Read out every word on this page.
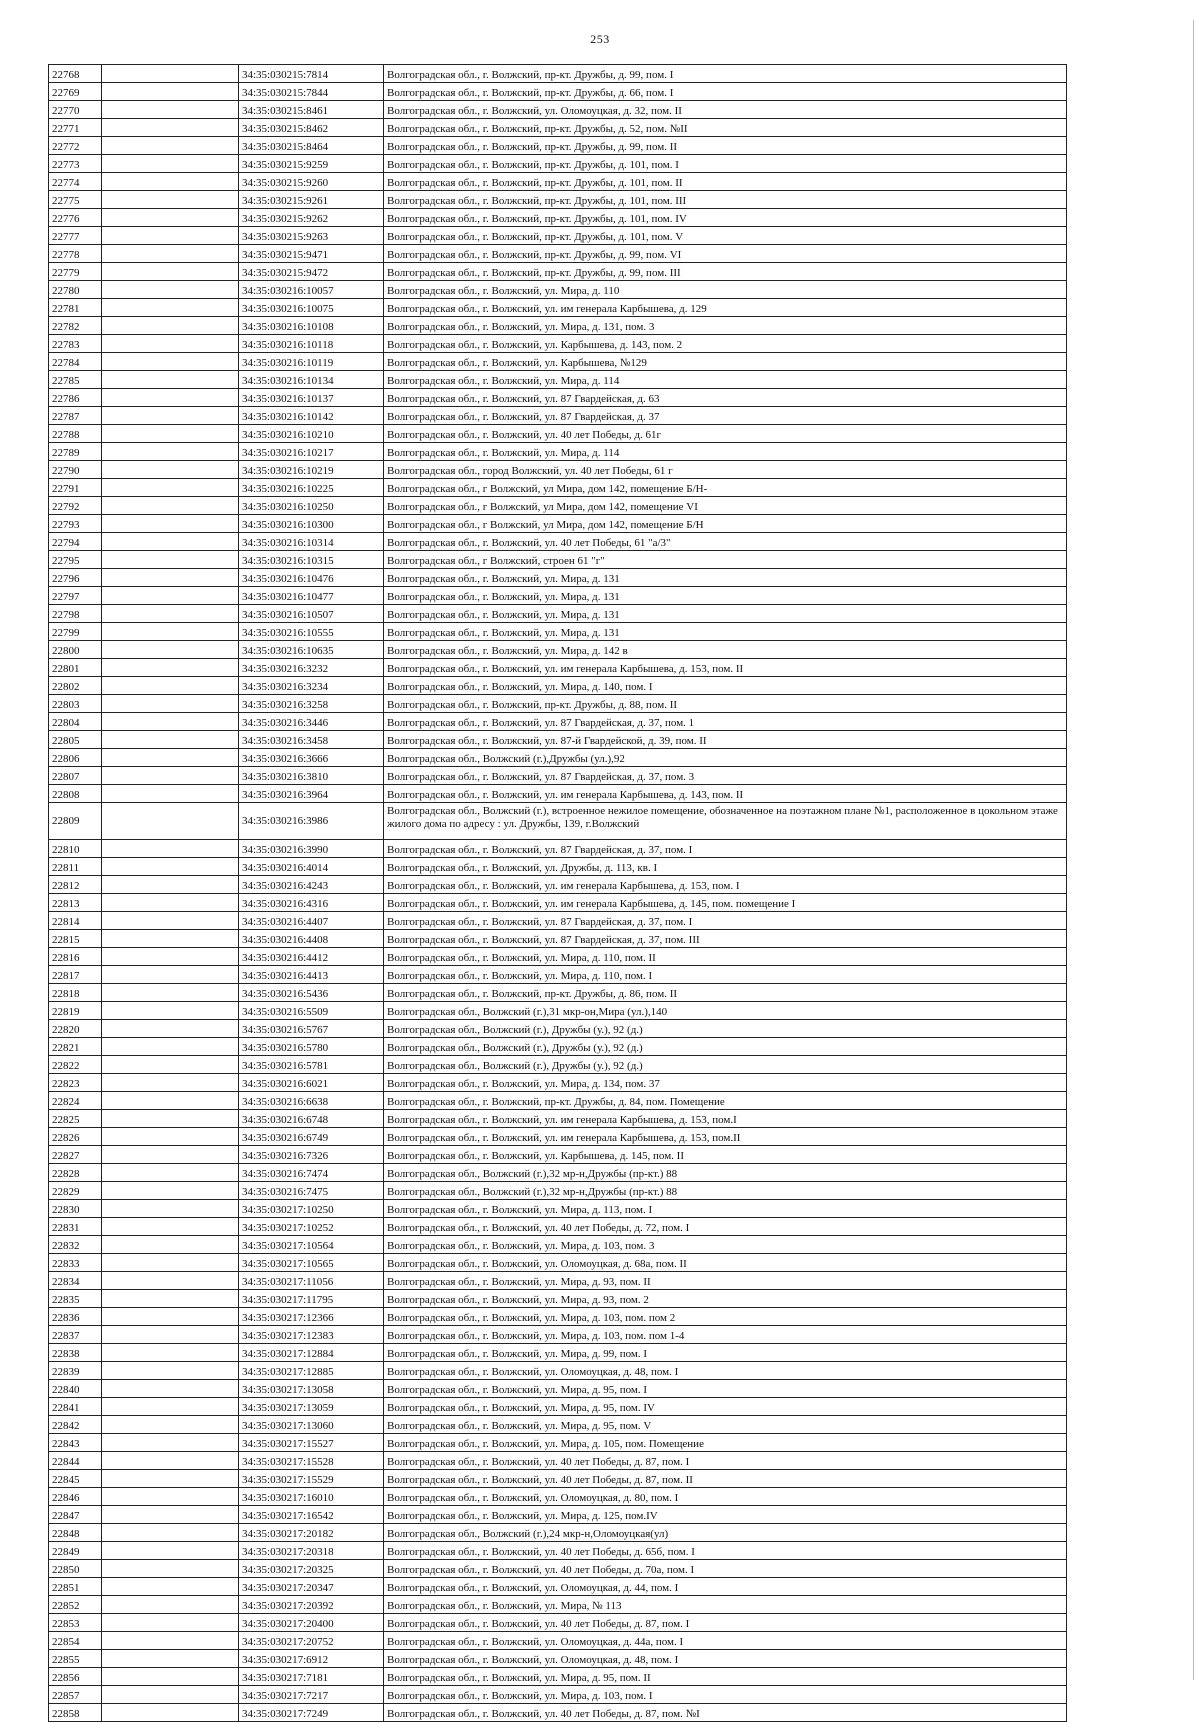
253
22768		34:35:030215:7814	Волгоградская обл., г. Волжский, пр-кт. Дружбы, д. 99, пом. I
22769		34:35:030215:7844	Волгоградская обл., г. Волжский, пр-кт. Дружбы, д. 66, пом. I
22770		34:35:030215:8461	Волгоградская обл., г. Волжский, ул. Оломоуцкая, д. 32, пом. II
22771		34:35:030215:8462	Волгоградская обл., г. Волжский, пр-кт. Дружбы, д. 52, пом. №II
22772		34:35:030215:8464	Волгоградская обл., г. Волжский, пр-кт. Дружбы, д. 99, пом. II
22773		34:35:030215:9259	Волгоградская обл., г. Волжский, пр-кт. Дружбы, д. 101, пом. I
22774		34:35:030215:9260	Волгоградская обл., г. Волжский, пр-кт. Дружбы, д. 101, пом. II
22775		34:35:030215:9261	Волгоградская обл., г. Волжский, пр-кт. Дружбы, д. 101, пом. III
22776		34:35:030215:9262	Волгоградская обл., г. Волжский, пр-кт. Дружбы, д. 101, пом. IV
22777		34:35:030215:9263	Волгоградская обл., г. Волжский, пр-кт. Дружбы, д. 101, пом. V
22778		34:35:030215:9471	Волгоградская обл., г. Волжский, пр-кт. Дружбы, д. 99, пом. VI
22779		34:35:030215:9472	Волгоградская обл., г. Волжский, пр-кт. Дружбы, д. 99, пом. III
22780		34:35:030216:10057	Волгоградская обл., г. Волжский, ул. Мира, д. 110
22781		34:35:030216:10075	Волгоградская обл., г. Волжский, ул. им генерала Карбышева, д. 129
22782		34:35:030216:10108	Волгоградская обл., г. Волжский, ул. Мира, д. 131, пом. 3
22783		34:35:030216:10118	Волгоградская обл., г. Волжский, ул. Карбышева, д. 143, пом. 2
22784		34:35:030216:10119	Волгоградская обл., г. Волжский, ул. Карбышева, №129
22785		34:35:030216:10134	Волгоградская обл., г. Волжский, ул. Мира, д. 114
22786		34:35:030216:10137	Волгоградская обл., г. Волжский, ул. 87 Гвардейская, д. 63
22787		34:35:030216:10142	Волгоградская обл., г. Волжский, ул. 87 Гвардейская, д. 37
22788		34:35:030216:10210	Волгоградская обл., г. Волжский, ул. 40 лет Победы, д. 61г
22789		34:35:030216:10217	Волгоградская обл., г. Волжский, ул. Мира, д. 114
22790		34:35:030216:10219	Волгоградская обл., город Волжский, ул. 40 лет Победы, 61 г
22791		34:35:030216:10225	Волгоградская обл., г Волжский, ул Мира, дом 142, помещение Б/Н-
22792		34:35:030216:10250	Волгоградская обл., г Волжский, ул Мира, дом 142, помещение VI
22793		34:35:030216:10300	Волгоградская обл., г Волжский, ул Мира, дом 142, помещение Б/Н
22794		34:35:030216:10314	Волгоградская обл., г. Волжский, ул. 40 лет Победы, 61 "а/3"
22795		34:35:030216:10315	Волгоградская обл., г Волжский, строен 61 "г"
22796		34:35:030216:10476	Волгоградская обл., г. Волжский, ул. Мира, д. 131
22797		34:35:030216:10477	Волгоградская обл., г. Волжский, ул. Мира, д. 131
22798		34:35:030216:10507	Волгоградская обл., г. Волжский, ул. Мира, д. 131
22799		34:35:030216:10555	Волгоградская обл., г. Волжский, ул. Мира, д. 131
22800		34:35:030216:10635	Волгоградская обл., г. Волжский, ул. Мира, д. 142 в
22801		34:35:030216:3232	Волгоградская обл., г. Волжский, ул. им генерала Карбышева, д. 153, пом. II
22802		34:35:030216:3234	Волгоградская обл., г. Волжский, ул. Мира, д. 140, пом. I
22803		34:35:030216:3258	Волгоградская обл., г. Волжский, пр-кт. Дружбы, д. 88, пом. II
22804		34:35:030216:3446	Волгоградская обл., г. Волжский, ул. 87 Гвардейская, д. 37, пом. 1
22805		34:35:030216:3458	Волгоградская обл., г. Волжский, ул. 87-й Гвардейской, д. 39, пом. II
22806		34:35:030216:3666	Волгоградская обл., Волжский (г.),Дружбы (ул.),92
22807		34:35:030216:3810	Волгоградская обл., г. Волжский, ул. 87 Гвардейская, д. 37, пом. 3
22808		34:35:030216:3964	Волгоградская обл., г. Волжский, ул. им генерала Карбышева, д. 143, пом. II
22809		34:35:030216:3986	Волгоградская обл., Волжский (г.), встроенное нежилое помещение, обозначенное на поэтажном плане №1, расположенное в цокольном этаже жилого дома по адресу : ул. Дружбы, 139, г.Волжский
22810		34:35:030216:3990	Волгоградская обл., г. Волжский, ул. 87 Гвардейская, д. 37, пом. I
22811		34:35:030216:4014	Волгоградская обл., г. Волжский, ул. Дружбы, д. 113, кв. I
22812		34:35:030216:4243	Волгоградская обл., г. Волжский, ул. им генерала Карбышева, д. 153, пом. I
22813		34:35:030216:4316	Волгоградская обл., г. Волжский, ул. им генерала Карбышева, д. 145, пом. помещение I
22814		34:35:030216:4407	Волгоградская обл., г. Волжский, ул. 87 Гвардейская, д. 37, пом. I
22815		34:35:030216:4408	Волгоградская обл., г. Волжский, ул. 87 Гвардейская, д. 37, пом. III
22816		34:35:030216:4412	Волгоградская обл., г. Волжский, ул. Мира, д. 110, пом. II
22817		34:35:030216:4413	Волгоградская обл., г. Волжский, ул. Мира, д. 110, пом. I
22818		34:35:030216:5436	Волгоградская обл., г. Волжский, пр-кт. Дружбы, д. 86, пом. II
22819		34:35:030216:5509	Волгоградская обл., Волжский (г.),31 мкр-он,Мира (ул.),140
22820		34:35:030216:5767	Волгоградская обл., Волжский (г.), Дружбы (у.), 92 (д.)
22821		34:35:030216:5780	Волгоградская обл., Волжский (г.), Дружбы (у.), 92 (д.)
22822		34:35:030216:5781	Волгоградская обл., Волжский (г.), Дружбы (у.), 92 (д.)
22823		34:35:030216:6021	Волгоградская обл., г. Волжский, ул. Мира, д. 134, пом. 37
22824		34:35:030216:6638	Волгоградская обл., г. Волжский, пр-кт. Дружбы, д. 84, пом. Помещение
22825		34:35:030216:6748	Волгоградская обл., г. Волжский, ул. им генерала Карбышева, д. 153, пом.I
22826		34:35:030216:6749	Волгоградская обл., г. Волжский, ул. им генерала Карбышева, д. 153, пом.II
22827		34:35:030216:7326	Волгоградская обл., г. Волжский, ул. Карбышева, д. 145, пом. II
22828		34:35:030216:7474	Волгоградская обл., Волжский (г.),32 мр-н,Дружбы (пр-кт.) 88
22829		34:35:030216:7475	Волгоградская обл., Волжский (г.),32 мр-н,Дружбы (пр-кт.) 88
22830		34:35:030217:10250	Волгоградская обл., г. Волжский, ул. Мира, д. 113, пом. I
22831		34:35:030217:10252	Волгоградская обл., г. Волжский, ул. 40 лет Победы, д. 72, пом. I
22832		34:35:030217:10564	Волгоградская обл., г. Волжский, ул. Мира, д. 103, пом. 3
22833		34:35:030217:10565	Волгоградская обл., г. Волжский, ул. Оломоуцкая, д. 68а, пом. II
22834		34:35:030217:11056	Волгоградская обл., г. Волжский, ул. Мира, д. 93, пом. II
22835		34:35:030217:11795	Волгоградская обл., г. Волжский, ул. Мира, д. 93, пом. 2
22836		34:35:030217:12366	Волгоградская обл., г. Волжский, ул. Мира, д. 103, пом. пом 2
22837		34:35:030217:12383	Волгоградская обл., г. Волжский, ул. Мира, д. 103, пом. пом 1-4
22838		34:35:030217:12884	Волгоградская обл., г. Волжский, ул. Мира, д. 99, пом. I
22839		34:35:030217:12885	Волгоградская обл., г. Волжский, ул. Оломоуцкая, д. 48, пом. I
22840		34:35:030217:13058	Волгоградская обл., г. Волжский, ул. Мира, д. 95, пом. I
22841		34:35:030217:13059	Волгоградская обл., г. Волжский, ул. Мира, д. 95, пом. IV
22842		34:35:030217:13060	Волгоградская обл., г. Волжский, ул. Мира, д. 95, пом. V
22843		34:35:030217:15527	Волгоградская обл., г. Волжский, ул. Мира, д. 105, пом. Помещение
22844		34:35:030217:15528	Волгоградская обл., г. Волжский, ул. 40 лет Победы, д. 87, пом. I
22845		34:35:030217:15529	Волгоградская обл., г. Волжский, ул. 40 лет Победы, д. 87, пом. II
22846		34:35:030217:16010	Волгоградская обл., г. Волжский, ул. Оломоуцкая, д. 80, пом. I
22847		34:35:030217:16542	Волгоградская обл., г. Волжский, ул. Мира, д. 125, пом.IV
22848		34:35:030217:20182	Волгоградская обл., Волжский (г.),24 мкр-н,Оломоуцкая(ул)
22849		34:35:030217:20318	Волгоградская обл., г. Волжский, ул. 40 лет Победы, д. 65б, пом. I
22850		34:35:030217:20325	Волгоградская обл., г. Волжский, ул. 40 лет Победы, д. 70а, пом. I
22851		34:35:030217:20347	Волгоградская обл., г. Волжский, ул. Оломоуцкая, д. 44, пом. I
22852		34:35:030217:20392	Волгоградская обл., г. Волжский, ул. Мира, № 113
22853		34:35:030217:20400	Волгоградская обл., г. Волжский, ул. 40 лет Победы, д. 87, пом. I
22854		34:35:030217:20752	Волгоградская обл., г. Волжский, ул. Оломоуцкая, д. 44а, пом. I
22855		34:35:030217:6912	Волгоградская обл., г. Волжский, ул. Оломоуцкая, д. 48, пом. I
22856		34:35:030217:7181	Волгоградская обл., г. Волжский, ул. Мира, д. 95, пом. II
22857		34:35:030217:7217	Волгоградская обл., г. Волжский, ул. Мира, д. 103, пом. I
22858		34:35:030217:7249	Волгоградская обл., г. Волжский, ул. 40 лет Победы, д. 87, пом. №I
